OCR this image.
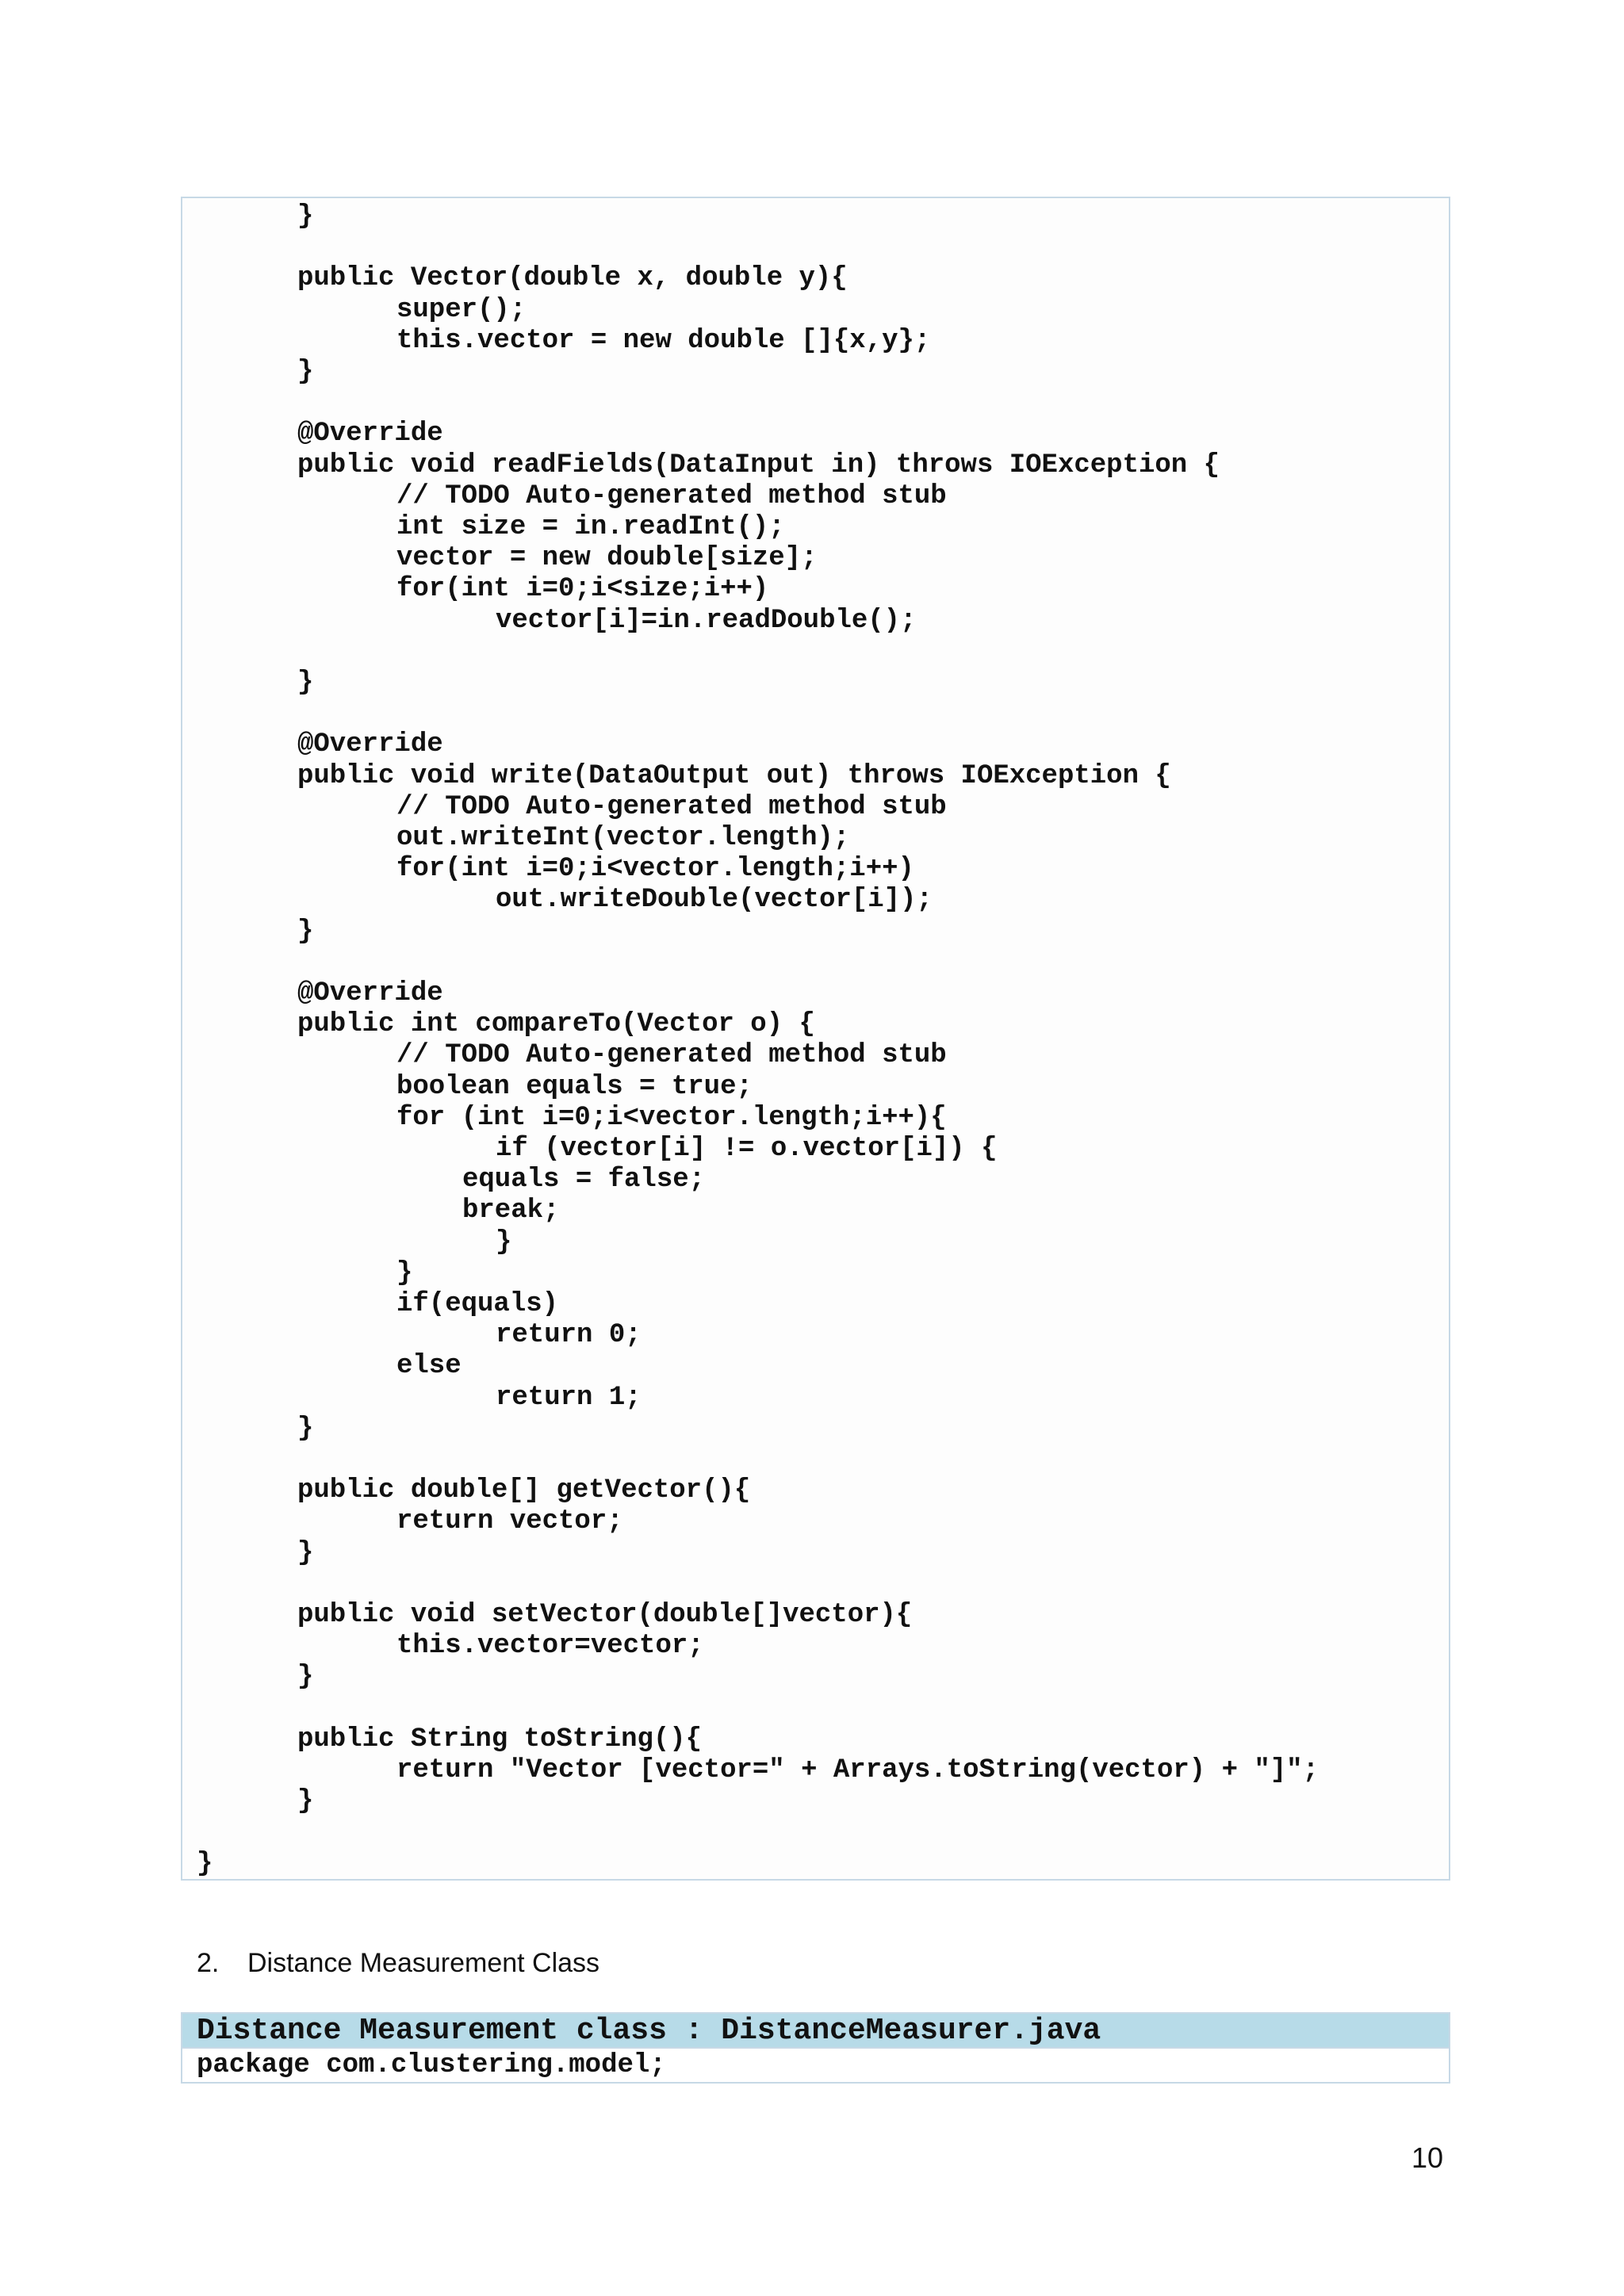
}
public Vector(double x, double y){
super();
this.vector = new double []{x,y};
}
@Override
public void readFields(DataInput in) throws IOException {
// TODO Auto-generated method stub
int size = in.readInt();
vector = new double[size];
for(int i=0;i<size;i++)
vector[i]=in.readDouble();
}
@Override
public void write(DataOutput out) throws IOException {
// TODO Auto-generated method stub
out.writeInt(vector.length);
for(int i=0;i<vector.length;i++)
out.writeDouble(vector[i]);
}
@Override
public int compareTo(Vector o) {
// TODO Auto-generated method stub
boolean equals = true;
for (int i=0;i<vector.length;i++){
if (vector[i] != o.vector[i]) {
equals = false;
break;
}
}
if(equals)
return 0;
else
return 1;
}
public double[] getVector(){
return vector;
}
public void setVector(double[]vector){
this.vector=vector;
}
public String toString(){
return "Vector [vector=" + Arrays.toString(vector) + "]";
}
}
2. Distance Measurement Class
Distance Measurement class : DistanceMeasurer.java
package com.clustering.model;
10
